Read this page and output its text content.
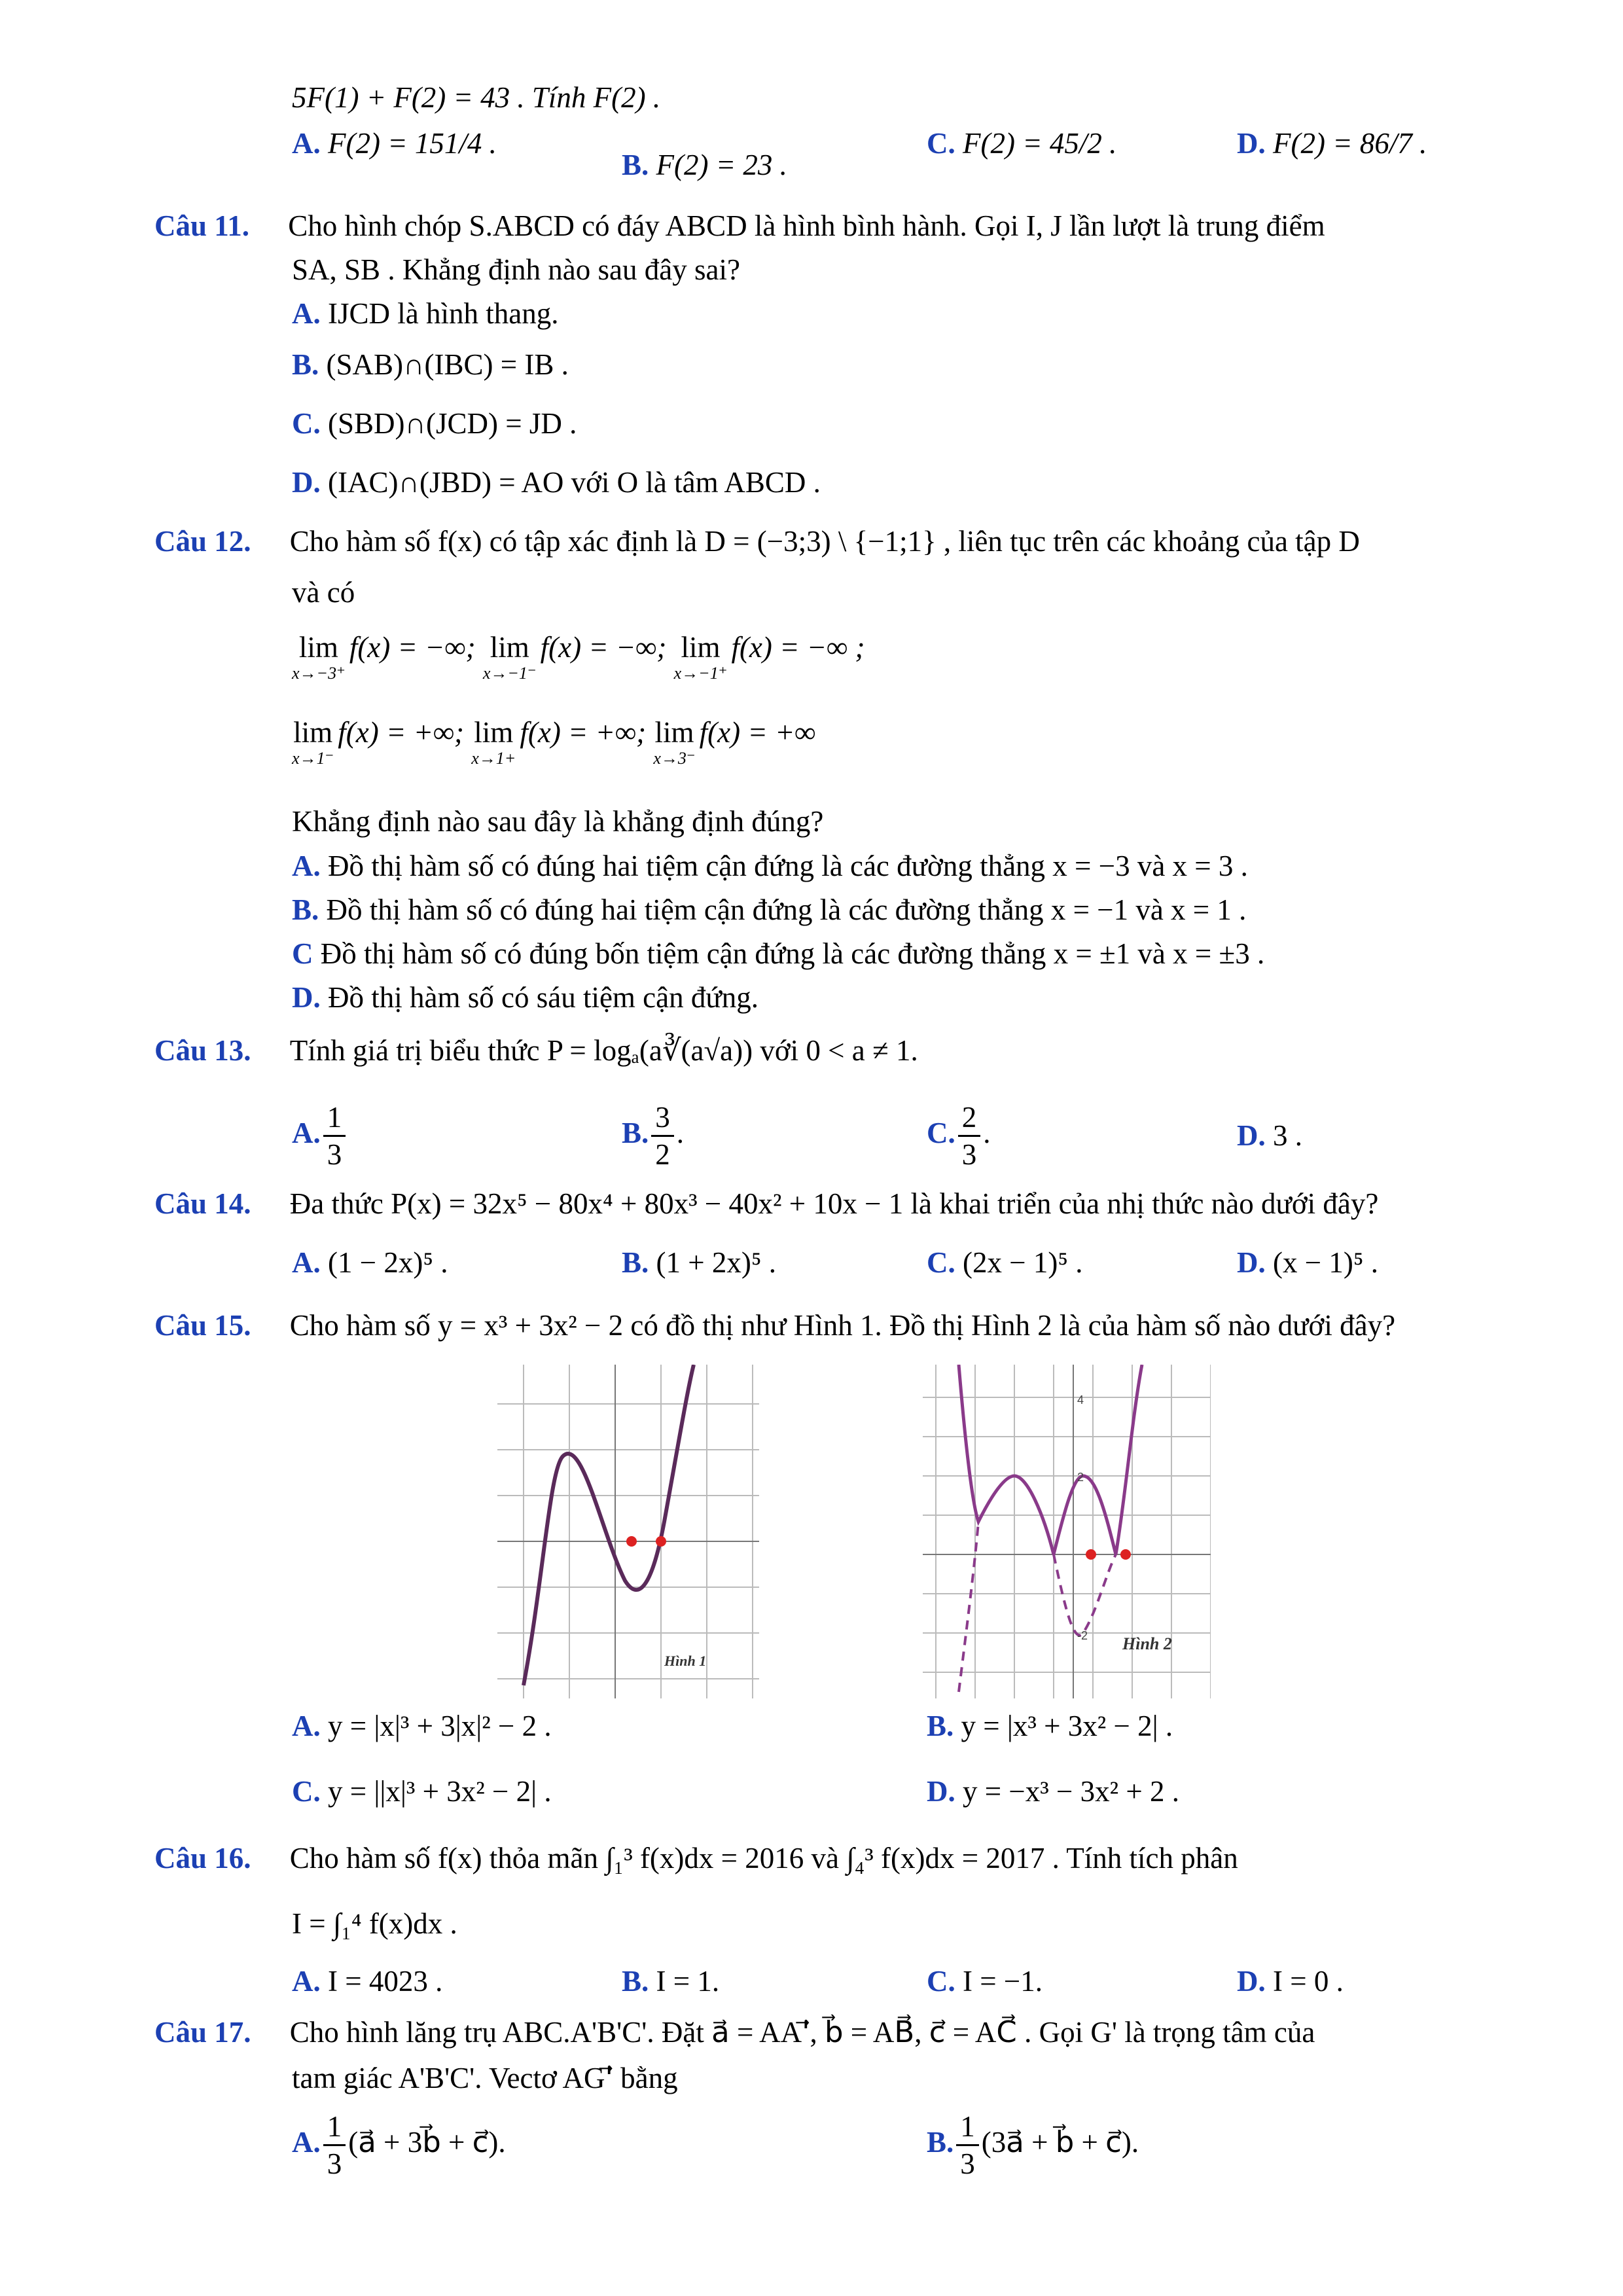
5F(1) + F(2) = 43 . Tính F(2) .
A. F(2) = 151/4 .
B. F(2) = 23 .
C. F(2) = 45/2 .	D. F(2) = 86/7 .
Câu 11. Cho hình chóp S.ABCD có đáy ABCD là hình bình hành. Gọi I, J lần lượt là trung điểm
SA, SB . Khẳng định nào sau đây sai?
A. IJCD là hình thang.
B. (SAB)∩(IBC) = IB .
C. (SBD)∩(JCD) = JD .
D. (IAC)∩(JBD) = AO với O là tâm ABCD .
Câu 12. Cho hàm số f(x) có tập xác định là D = (−3;3) \ {−1;1} , liên tục trên các khoảng của tập D
và có
lim
x→−3⁺
f(x) = −∞; lim
x→−1⁻
f(x) = −∞; lim
x→−1⁺
f(x) = −∞ ;
lim
x→1⁻
f(x) = +∞; lim
x→1+
f(x) = +∞; lim
x→3⁻
f(x) = +∞
Khẳng định nào sau đây là khẳng định đúng?
A. Đồ thị hàm số có đúng hai tiệm cận đứng là các đường thẳng x = −3 và x = 3 .
B. Đồ thị hàm số có đúng hai tiệm cận đứng là các đường thẳng x = −1 và x = 1 .
C Đồ thị hàm số có đúng bốn tiệm cận đứng là các đường thẳng x = ±1 và x = ±3 .
D. Đồ thị hàm số có sáu tiệm cận đứng.
Câu 13. Tính giá trị biểu thức P = logₐ(a∛(a√a)) với 0 < a ≠ 1.
A. $\frac{1}{3}$	B. $\frac{3}{2}$ .	C. $\frac{2}{3}$ .	D. 3 .
Câu 14. Đa thức P(x) = 32x⁵ − 80x⁴ + 80x³ − 40x² + 10x − 1 là khai triển của nhị thức nào dưới đây?
A. (1 − 2x)⁵ .	B. (1 + 2x)⁵ .	C. (2x − 1)⁵ .	D. (x − 1)⁵ .
Câu 15. Cho hàm số y = x³ + 3x² − 2 có đồ thị như Hình 1. Đồ thị Hình 2 là của hàm số nào dưới đây?
Hình 1
4
2
-2 Hình 2
A. y = |x|³ + 3|x|² − 2 .	B. y = |x³ + 3x² − 2| .
C. y = ||x|³ + 3x² − 2| .	D. y = −x³ − 3x² + 2 .
Câu 16. Cho hàm số f(x) thỏa mãn ∫₁³ f(x)dx = 2016 và ∫₄³ f(x)dx = 2017 . Tính tích phân
I = ∫₁⁴ f(x)dx .
A. I = 4023 .	B. I = 1.	C. I = −1.	D. I = 0 .
Câu 17. Cho hình lăng trụ ABC.A'B'C'. Đặt a⃗ = AA'⃗, b⃗ = AB⃗, c⃗ = AC⃗ . Gọi G' là trọng tâm của
tam giác A'B'C'. Vectơ AG'⃗ bằng
A. $\frac{1}{3}$ (a⃗ + 3b⃗ + c⃗).	B. $\frac{1}{3}$ (3a⃗ + b⃗ + c⃗).
